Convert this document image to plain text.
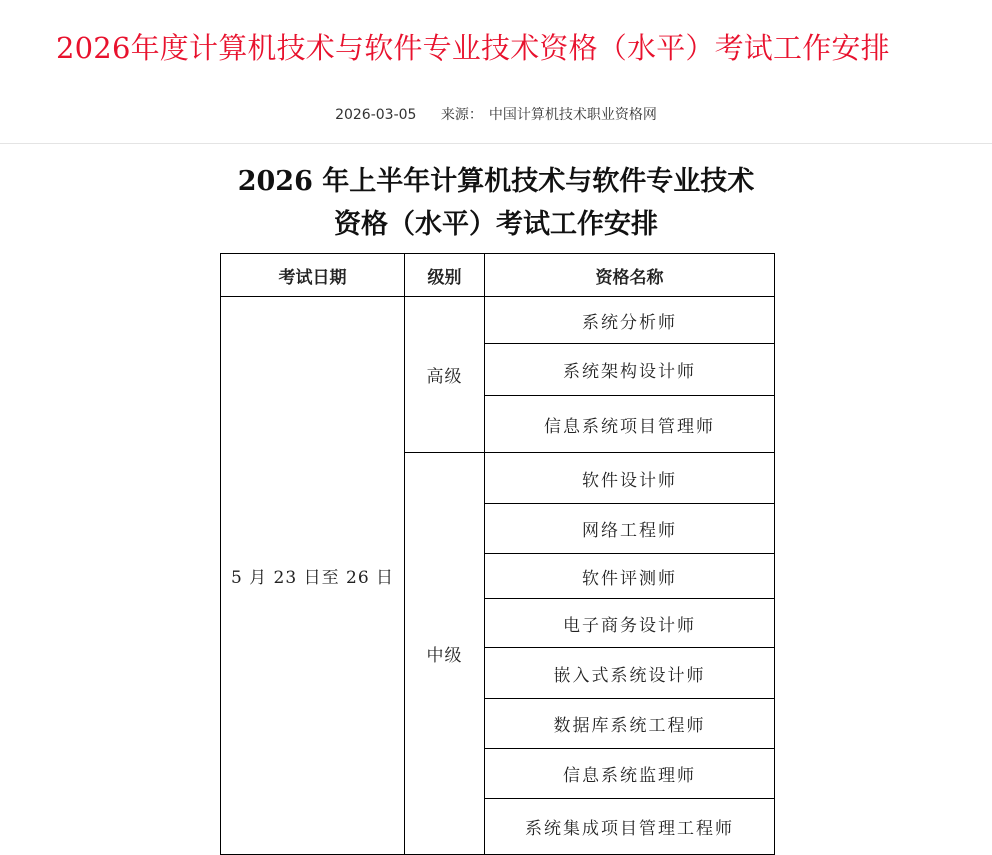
2026年度计算机技术与软件专业技术资格（水平）考试工作安排
2026-03-05 来源： 中国计算机技术职业资格网
2026 年上半年计算机技术与软件专业技术
资格（水平）考试工作安排
考试日期	级别	资格名称
5 月 23 日至 26 日	高级	系统分析师
		系统架构设计师
		信息系统项目管理师
	中级	软件设计师
		网络工程师
		软件评测师
		电子商务设计师
		嵌入式系统设计师
		数据库系统工程师
		信息系统监理师
		系统集成项目管理工程师
